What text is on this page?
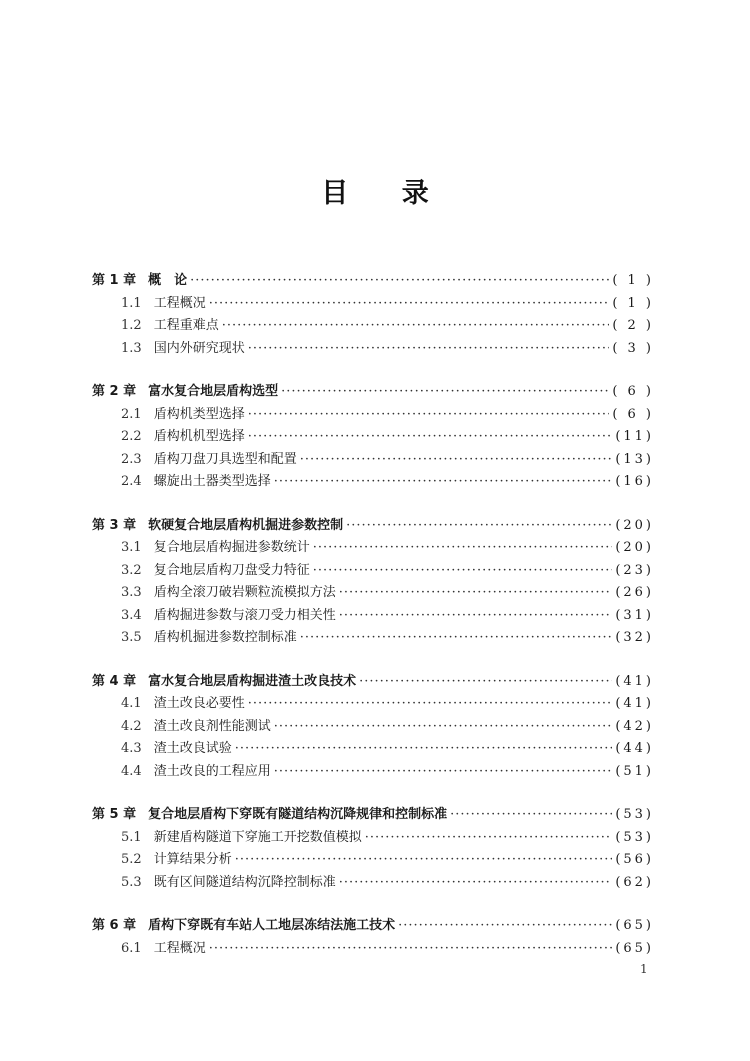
目 录
第 1 章 概　论 ·····	( 1 )
1.1 工程概况 ·····	( 1 )
1.2 工程重难点 ·····	( 2 )
1.3 国内外研究现状 ·····	( 3 )
第 2 章 富水复合地层盾构选型 ·····	( 6 )
2.1 盾构机类型选择 ·····	( 6 )
2.2 盾构机机型选择 ·····	(11)
2.3 盾构刀盘刀具选型和配置 ·····	(13)
2.4 螺旋出土器类型选择 ·····	(16)
第 3 章 软硬复合地层盾构机掘进参数控制 ·····	(20)
3.1 复合地层盾构掘进参数统计 ·····	(20)
3.2 复合地层盾构刀盘受力特征 ·····	(23)
3.3 盾构全滚刀破岩颗粒流模拟方法 ·····	(26)
3.4 盾构掘进参数与滚刀受力相关性 ·····	(31)
3.5 盾构机掘进参数控制标准 ·····	(32)
第 4 章 富水复合地层盾构掘进渣土改良技术 ·····	(41)
4.1 渣土改良必要性 ·····	(41)
4.2 渣土改良剂性能测试 ·····	(42)
4.3 渣土改良试验 ·····	(44)
4.4 渣土改良的工程应用 ·····	(51)
第 5 章 复合地层盾构下穿既有隧道结构沉降规律和控制标准 ·····	(53)
5.1 新建盾构隧道下穿施工开挖数值模拟 ·····	(53)
5.2 计算结果分析 ·····	(56)
5.3 既有区间隧道结构沉降控制标准 ·····	(62)
第 6 章 盾构下穿既有车站人工地层冻结法施工技术 ·····	(65)
6.1 工程概况 ·····	(65)
1
